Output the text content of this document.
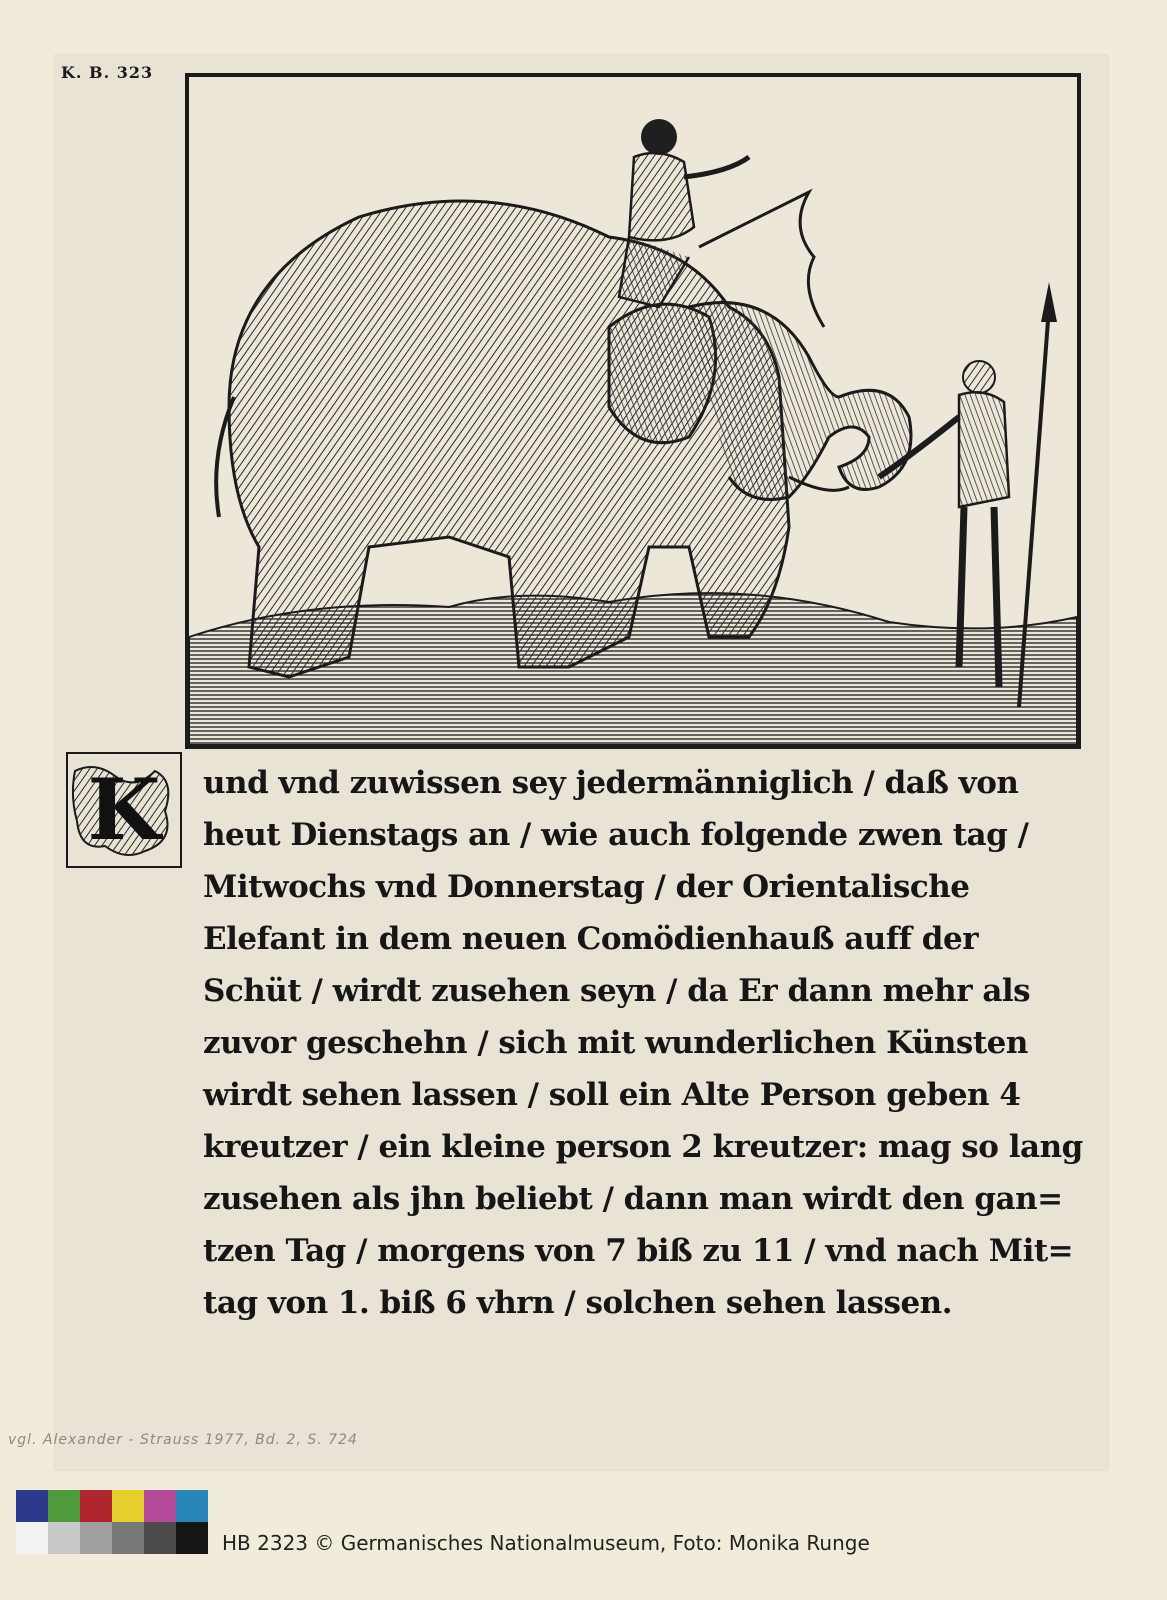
K. B. 323
K und vnd zuwissen sey jedermänniglich / daß von
heut Dienstags an / wie auch folgende zwen tag /
Mitwochs vnd Donnerstag / der Orientalische
Elefant in dem neuen Comödienhauß auff der
Schüt / wirdt zusehen seyn / da Er dann mehr als
zuvor geschehn / sich mit wunderlichen Künsten
wirdt sehen lassen / soll ein Alte Person geben 4
kreutzer / ein kleine person 2 kreutzer: mag so lang
zusehen als jhn beliebt / dann man wirdt den gan=
tzen Tag / morgens von 7 biß zu 11 / vnd nach Mit=
tag von 1. biß 6 vhrn / solchen sehen lassen.
vgl. Alexander - Strauss 1977, Bd. 2, S. 724
HB 2323 © Germanisches Nationalmuseum, Foto: Monika Runge
